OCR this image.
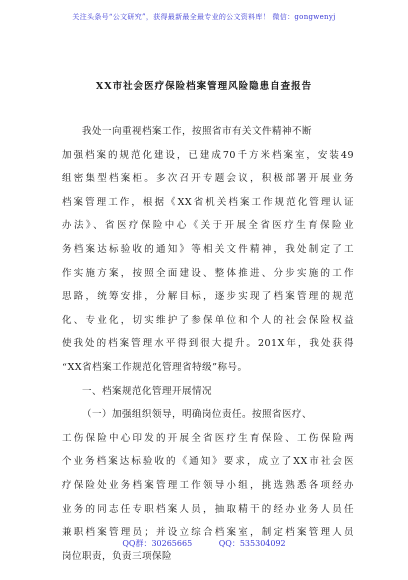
关注头条号“公文研究”，获得最新最全最专业的公文资料库！ 微信：gongwenyj
XX市社会医疗保险档案管理风险隐患自查报告
我处一向重视档案工作，按照省市有关文件精神不断
加强档案的规范化建设，已建成70千方米档案室，安装49
组密集型档案柜。多次召开专题会议，积极部署开展业务
档案管理工作，根据《XX省机关档案工作规范化管理认证
办法》、省医疗保险中心《关于开展全省医疗生育保险业
务档案达标验收的通知》等相关文件精神，我处制定了工
作实施方案，按照全面建设、整体推进、分步实施的工作
思路，统筹安排，分解目标，逐步实现了档案管理的规范
化、专业化，切实维护了参保单位和个人的社会保险权益
使我处的档案管理水平得到很大提升。201X年，我处获得
“XX省档案工作规范化管理省特级”称号。
一、档案规范化管理开展情况
（一）加强组织领导，明确岗位责任。按照省医疗、
工伤保险中心印发的开展全省医疗生育保险、工伤保险两
个业务档案达标验收的《通知》要求，成立了XX市社会医
疗保险处业务档案管理工作领导小组，挑选熟悉各项经办
业务的同志任专职档案人员，抽取精干的经办业务人员任
兼职档案管理员；并设立综合档案室，制定档案管理人员
岗位职责，负责三项保险
QQ群：30265665	QQ：535304092
